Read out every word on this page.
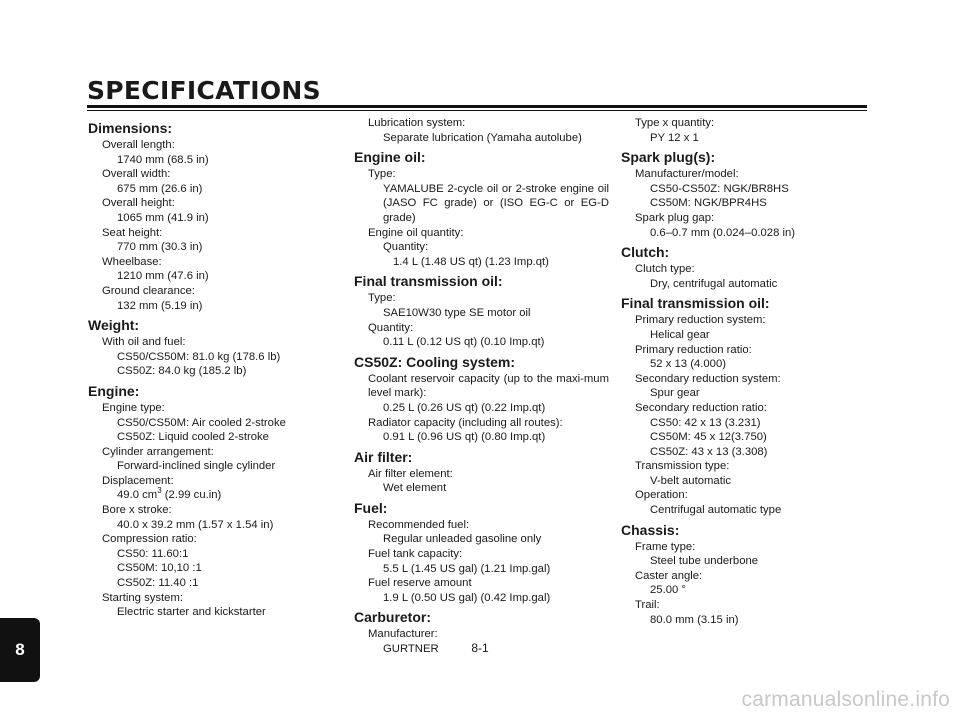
SPECIFICATIONS
Dimensions:
Overall length:
1740 mm (68.5 in)
Overall width:
675 mm (26.6 in)
Overall height:
1065 mm (41.9 in)
Seat height:
770 mm (30.3 in)
Wheelbase:
1210 mm (47.6 in)
Ground clearance:
132 mm (5.19 in)
Weight:
With oil and fuel:
CS50/CS50M: 81.0 kg (178.6 lb)
CS50Z: 84.0 kg (185.2 lb)
Engine:
Engine type:
CS50/CS50M: Air cooled 2-stroke
CS50Z: Liquid cooled 2-stroke
Cylinder arrangement:
Forward-inclined single cylinder
Displacement:
49.0 $cm^3$ (2.99 cu.in)
Bore x stroke:
40.0 x 39.2 mm (1.57 x 1.54 in)
Compression ratio:
CS50: 11.60:1
CS50M: 10,10 :1
CS50Z: 11.40 :1
Starting system:
Electric starter and kickstarter
Lubrication system:
Separate lubrication (Yamaha autolube)
Engine oil:
Type:
YAMALUBE 2-cycle oil or 2-stroke engine oil (JASO FC grade) or (ISO EG-C or EG-D grade)
Engine oil quantity:
Quantity:
1.4 L (1.48 US qt) (1.23 Imp.qt)
Final transmission oil:
Type:
SAE10W30 type SE motor oil
Quantity:
0.11 L (0.12 US qt) (0.10 Imp.qt)
CS50Z: Cooling system:
Coolant reservoir capacity (up to the maxi-mum level mark):
0.25 L (0.26 US qt) (0.22 Imp.qt)
Radiator capacity (including all routes):
0.91 L (0.96 US qt) (0.80 Imp.qt)
Air filter:
Air filter element:
Wet element
Fuel:
Recommended fuel:
Regular unleaded gasoline only
Fuel tank capacity:
5.5 L (1.45 US gal) (1.21 Imp.gal)
Fuel reserve amount
1.9 L (0.50 US gal) (0.42 Imp.gal)
Carburetor:
Manufacturer:
GURTNER
Type x quantity:
PY 12 x 1
Spark plug(s):
Manufacturer/model:
CS50-CS50Z: NGK/BR8HS
CS50M: NGK/BPR4HS
Spark plug gap:
0.6–0.7 mm (0.024–0.028 in)
Clutch:
Clutch type:
Dry, centrifugal automatic
Final transmission oil:
Primary reduction system:
Helical gear
Primary reduction ratio:
52 x 13 (4.000)
Secondary reduction system:
Spur gear
Secondary reduction ratio:
CS50: 42 x 13 (3.231)
CS50M: 45 x 12(3.750)
CS50Z: 43 x 13 (3.308)
Transmission type:
V-belt automatic
Operation:
Centrifugal automatic type
Chassis:
Frame type:
Steel tube underbone
Caster angle:
25.00 °
Trail:
80.0 mm (3.15 in)
8	8-1
carmanualsonline.info
